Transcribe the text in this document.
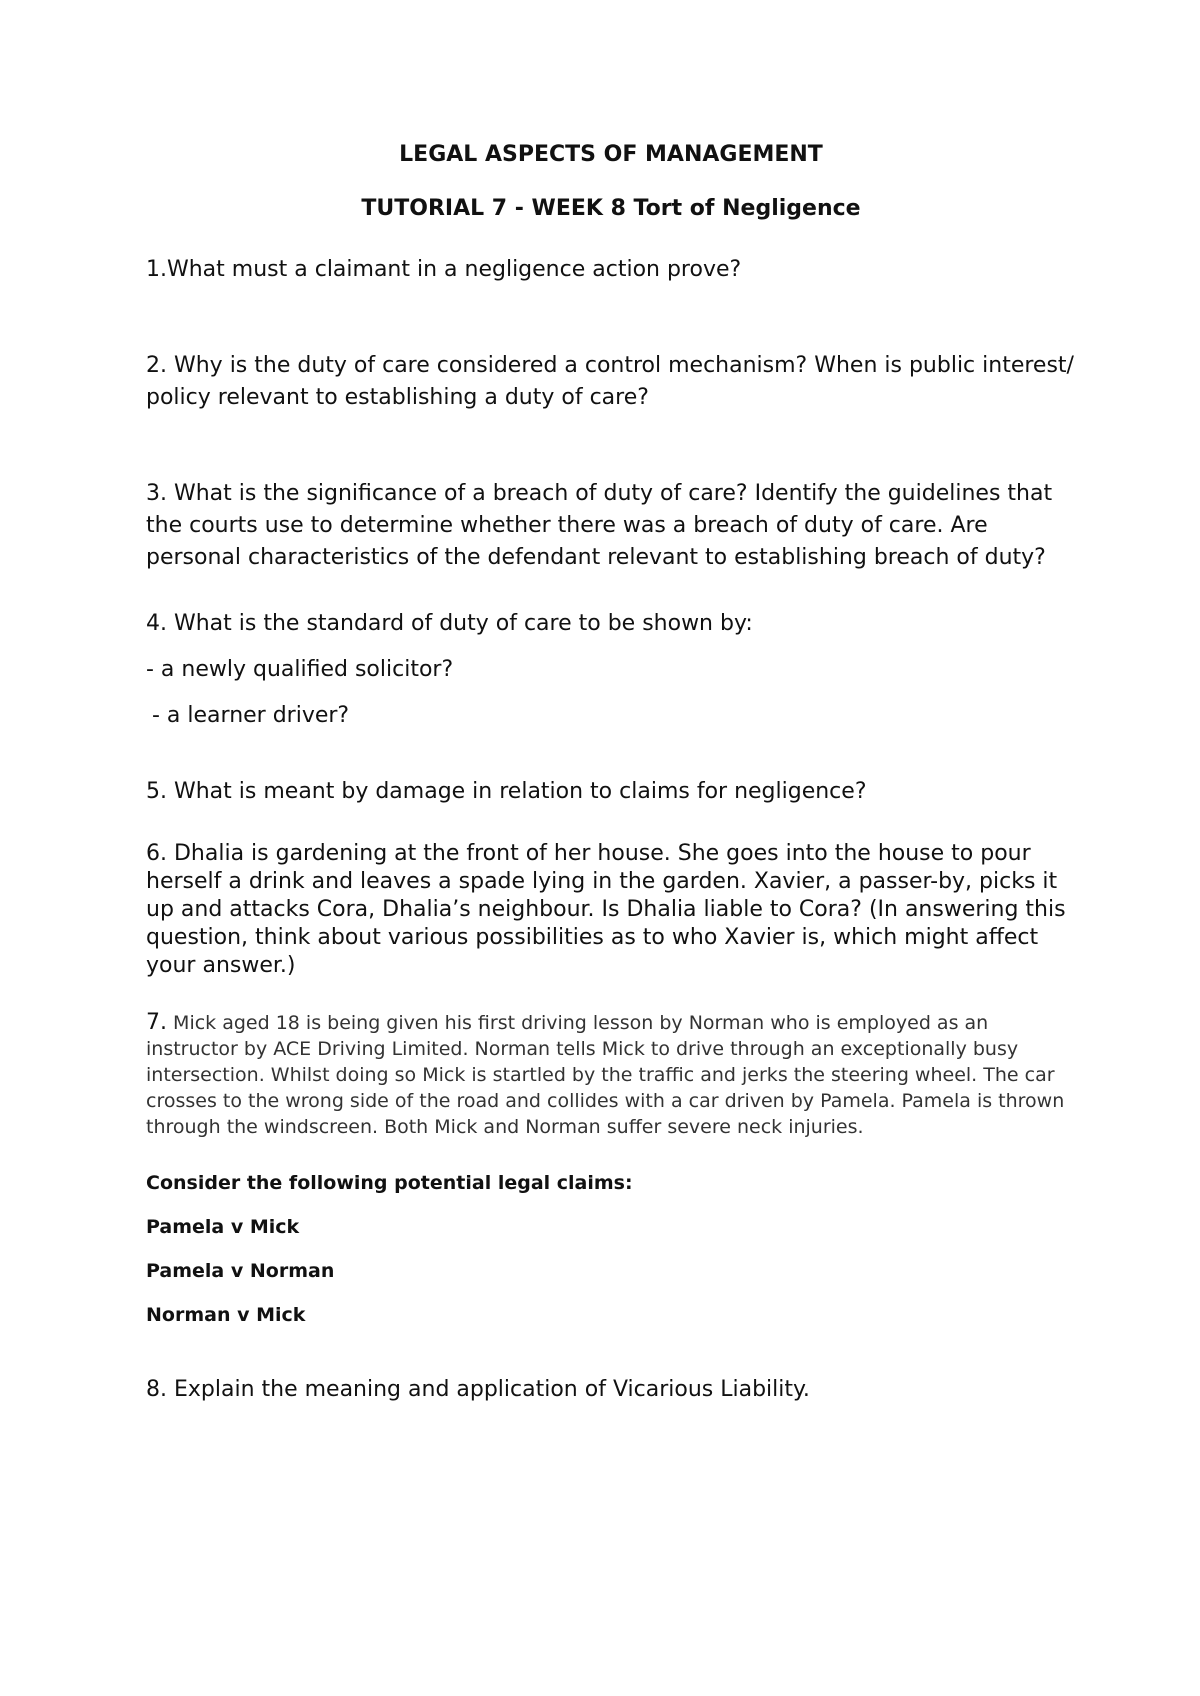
LEGAL ASPECTS OF MANAGEMENT

TUTORIAL 7 - WEEK 8 Tort of Negligence

1.What must a claimant in a negligence action prove?

2. Why is the duty of care considered a control mechanism? When is public interest/ policy relevant to establishing a duty of care?

3. What is the significance of a breach of duty of care? Identify the guidelines that the courts use to determine whether there was a breach of duty of care. Are personal characteristics of the defendant relevant to establishing breach of duty?

4. What is the standard of duty of care to be shown by:

- a newly qualified solicitor?

- a learner driver?

5. What is meant by damage in relation to claims for negligence?

6. Dhalia is gardening at the front of her house. She goes into the house to pour herself a drink and leaves a spade lying in the garden. Xavier, a passer-by, picks it up and attacks Cora, Dhalia’s neighbour. Is Dhalia liable to Cora? (In answering this question, think about various possibilities as to who Xavier is, which might affect your answer.)

7. Mick aged 18 is being given his first driving lesson by Norman who is employed as an instructor by ACE Driving Limited. Norman tells Mick to drive through an exceptionally busy intersection. Whilst doing so Mick is startled by the traffic and jerks the steering wheel. The car crosses to the wrong side of the road and collides with a car driven by Pamela. Pamela is thrown through the windscreen. Both Mick and Norman suffer severe neck injuries.

Consider the following potential legal claims:

Pamela v Mick

Pamela v Norman

Norman v Mick

8. Explain the meaning and application of Vicarious Liability.
